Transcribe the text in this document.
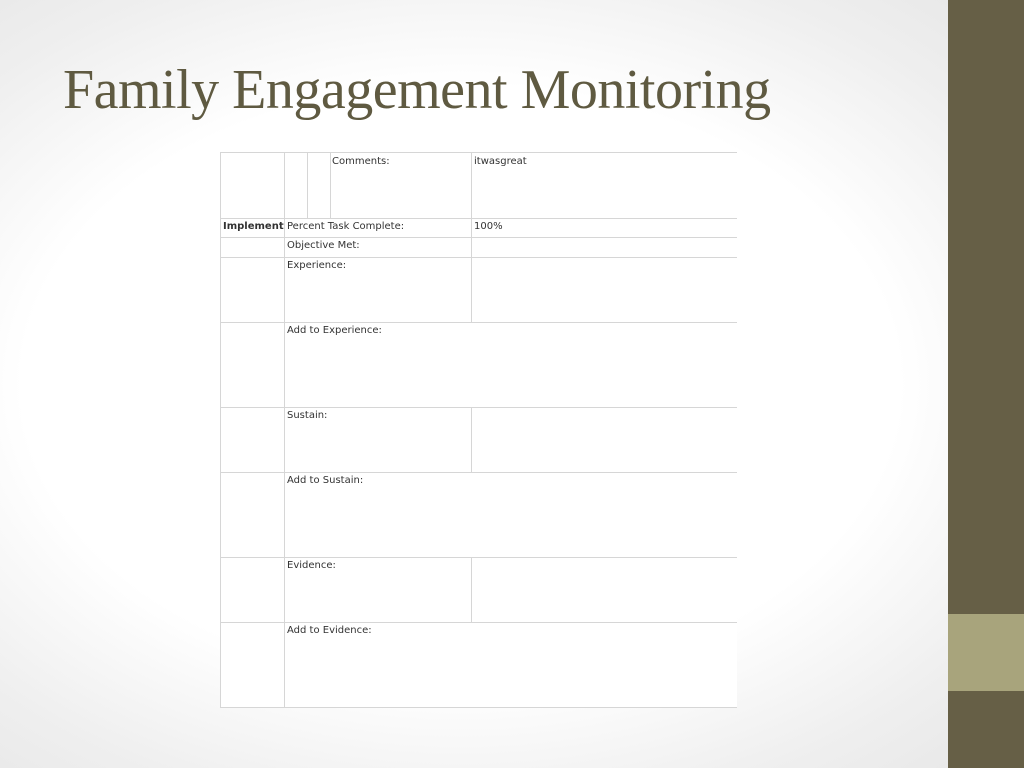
Family Engagement Monitoring
Comments:	itwasgreat
Implement Percent Task Complete:	100%
Objective Met:
Experience:
Add to Experience:
Sustain:
Add to Sustain:
Evidence:
Add to Evidence:
